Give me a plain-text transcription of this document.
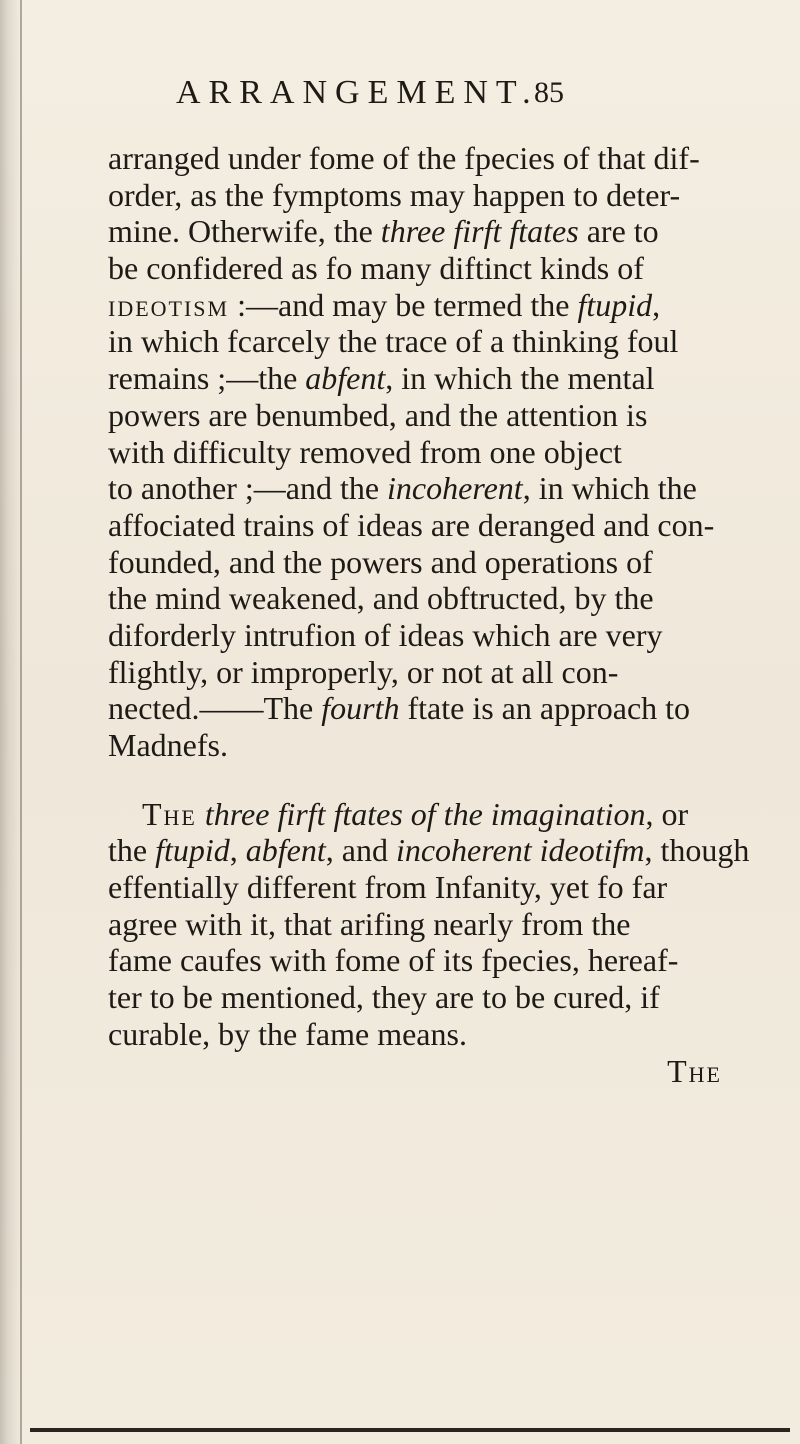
ARRANGEMENT.
85
arranged under fome of the fpecies of that dif-
order, as the fymptoms may happen to deter-
mine. Otherwife, the three firft ftates are to
be confidered as fo many diftinct kinds of
ideotism :—and may be termed the ftupid,
in which fcarcely the trace of a thinking foul
remains ;—the abfent, in which the mental
powers are benumbed, and the attention is
with difficulty removed from one object
to another ;—and the incoherent, in which the
affociated trains of ideas are deranged and con-
founded, and the powers and operations of
the mind weakened, and obftructed, by the
diforderly intrufion of ideas which are very
flightly, or improperly, or not at all con-
nected.——The fourth ftate is an approach to
Madnefs.
The three firft ftates of the imagination, or
the ftupid, abfent, and incoherent ideotifm, though
effentially different from Infanity, yet fo far
agree with it, that arifing nearly from the
fame caufes with fome of its fpecies, hereaf-
ter to be mentioned, they are to be cured, if
curable, by the fame means.
The
